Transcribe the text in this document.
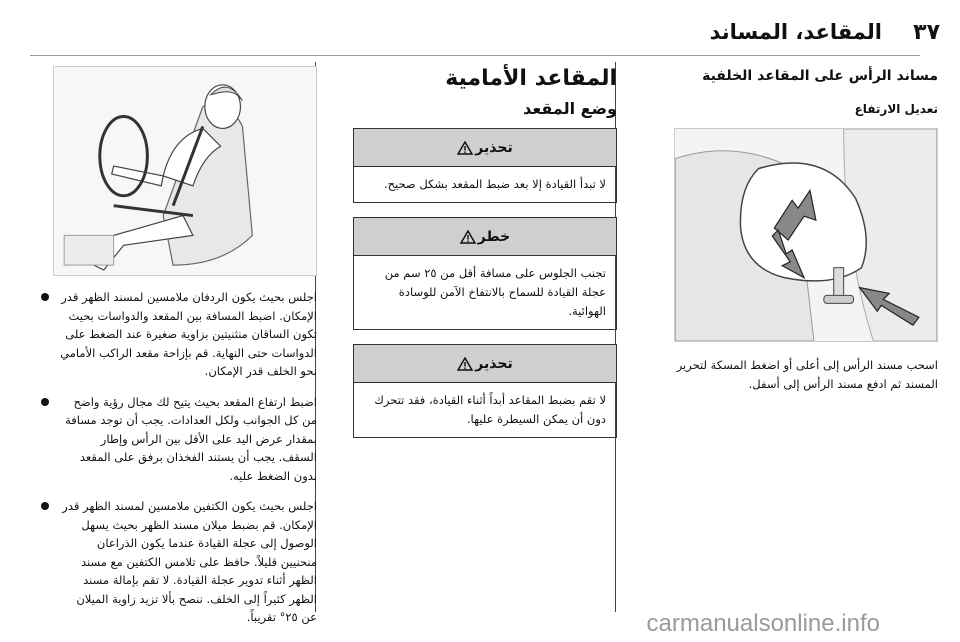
٣٧
المقاعد، المساند
مساند الرأس على المقاعد الخلفية
تعديل الارتفاع
اسحب مسند الرأس إلى أعلى أو اضغط المسكة لتحرير المسند ثم ادفع مسند الرأس إلى أسفل.
المقاعد الأمامية
وضع المقعد
تحذير
لا تبدأ القيادة إلا بعد ضبط المقعد بشكل صحيح.
خطر
تجنب الجلوس على مسافة أقل من ٢٥ سم من عجلة القيادة للسماح بالانتفاخ الآمن للوسادة الهوائية.
تحذير
لا تقم بضبط المقاعد أبداً أثناء القيادة، فقد تتحرك دون أن يمكن السيطرة عليها.
اجلس بحيث يكون الردفان ملامسين لمسند الظهر قدر الإمكان. اضبط المسافة بين المقعد والدواسات بحيث تكون الساقان منثنيتين بزاوية صغيرة عند الضغط على الدواسات حتى النهاية. قم بإزاحة مقعد الراكب الأمامي نحو الخلف قدر الإمكان.
اضبط ارتفاع المقعد بحيث يتيح لك مجال رؤية واضح من كل الجوانب ولكل العدادات. يجب أن توجد مسافة بمقدار عرض اليد على الأقل بين الرأس وإطار السقف. يجب أن يستند الفخذان برفق على المقعد بدون الضغط عليه.
اجلس بحيث يكون الكتفين ملامسين لمسند الظهر قدر الإمكان. قم بضبط ميلان مسند الظهر بحيث يسهل الوصول إلى عجلة القيادة عندما يكون الذراعان منحنيين قليلاً. حافظ على تلامس الكتفين مع مسند الظهر أثناء تدوير عجلة القيادة. لا تقم بإمالة مسند الظهر كثيراً إلى الخلف. ننصح بألا تزيد زاوية الميلان عن ٢٥° تقريباً.	carmanualsonline.info
